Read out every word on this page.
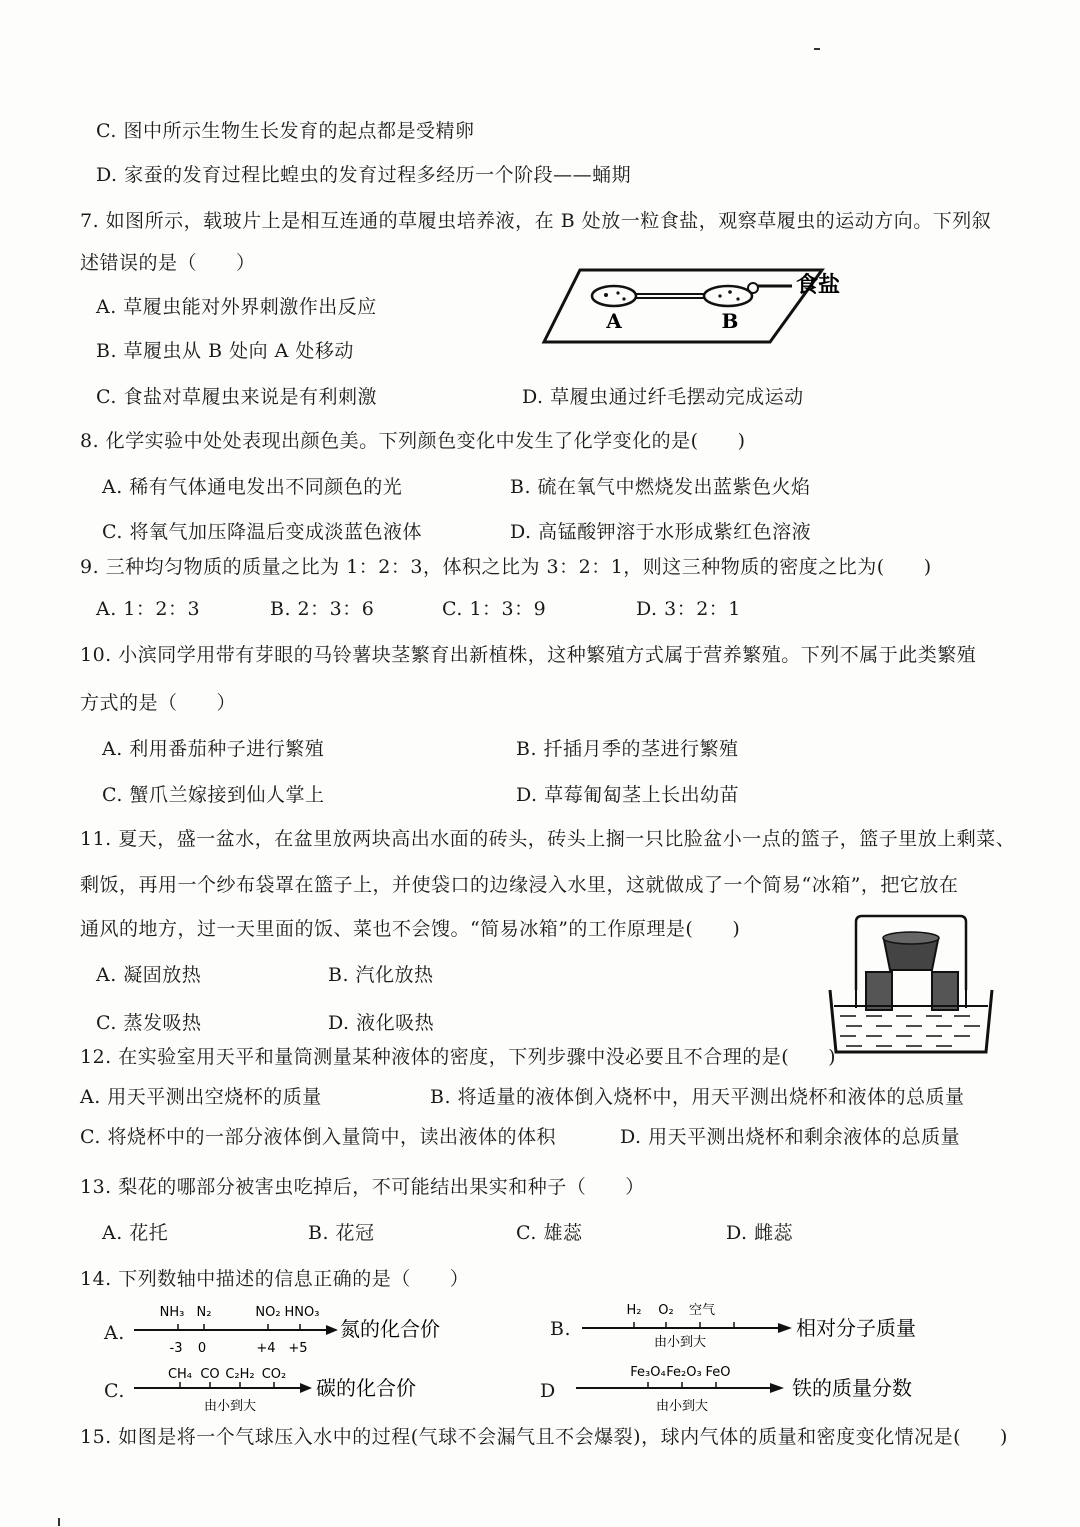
C. 图中所示生物生长发育的起点都是受精卵
D. 家蚕的发育过程比蝗虫的发育过程多经历一个阶段——蛹期
7. 如图所示，载玻片上是相互连通的草履虫培养液，在 B 处放一粒食盐，观察草履虫的运动方向。下列叙
述错误的是（　　）
A. 草履虫能对外界刺激作出反应
B. 草履虫从 B 处向 A 处移动
C. 食盐对草履虫来说是有利刺激	D. 草履虫通过纤毛摆动完成运动
A	B
食盐
8. 化学实验中处处表现出颜色美。下列颜色变化中发生了化学变化的是(　　)
A. 稀有气体通电发出不同颜色的光	B. 硫在氧气中燃烧发出蓝紫色火焰
C. 将氧气加压降温后变成淡蓝色液体	D. 高锰酸钾溶于水形成紫红色溶液
9. 三种均匀物质的质量之比为 1：2：3，体积之比为 3：2：1，则这三种物质的密度之比为(　　)
A. 1：2：3	B. 2：3：6	C. 1：3：9	D. 3：2：1
10. 小滨同学用带有芽眼的马铃薯块茎繁育出新植株，这种繁殖方式属于营养繁殖。下列不属于此类繁殖
方式的是（　　）
A. 利用番茄种子进行繁殖	B. 扦插月季的茎进行繁殖
C. 蟹爪兰嫁接到仙人掌上	D. 草莓匍匐茎上长出幼苗
11. 夏天，盛一盆水，在盆里放两块高出水面的砖头，砖头上搁一只比脸盆小一点的篮子，篮子里放上剩菜、
剩饭，再用一个纱布袋罩在篮子上，并使袋口的边缘浸入水里，这就做成了一个简易“冰箱”，把它放在
通风的地方，过一天里面的饭、菜也不会馊。“简易冰箱”的工作原理是(　　)
A. 凝固放热	B. 汽化放热
C. 蒸发吸热	D. 液化吸热
12. 在实验室用天平和量筒测量某种液体的密度，下列步骤中没必要且不合理的是(　　)
A. 用天平测出空烧杯的质量	B. 将适量的液体倒入烧杯中，用天平测出烧杯和液体的总质量
C. 将烧杯中的一部分液体倒入量筒中，读出液体的体积	D. 用天平测出烧杯和剩余液体的总质量
13. 梨花的哪部分被害虫吃掉后，不可能结出果实和种子（　　）
A. 花托	B. 花冠	C. 雄蕊	D. 雌蕊
14. 下列数轴中描述的信息正确的是（　　）
A.
NH₃ N₂	NO₂ HNO₃
-3 0	+4 +5
氮的化合价	B.
H₂ O₂ 空气
由小到大
相对分子质量
C.
CH₄ CO C₂H₂ CO₂
由小到大
碳的化合价	D
Fe₃O₄ Fe₂O₃ FeO
由小到大
铁的质量分数
15. 如图是将一个气球压入水中的过程(气球不会漏气且不会爆裂)，球内气体的质量和密度变化情况是(　　)
